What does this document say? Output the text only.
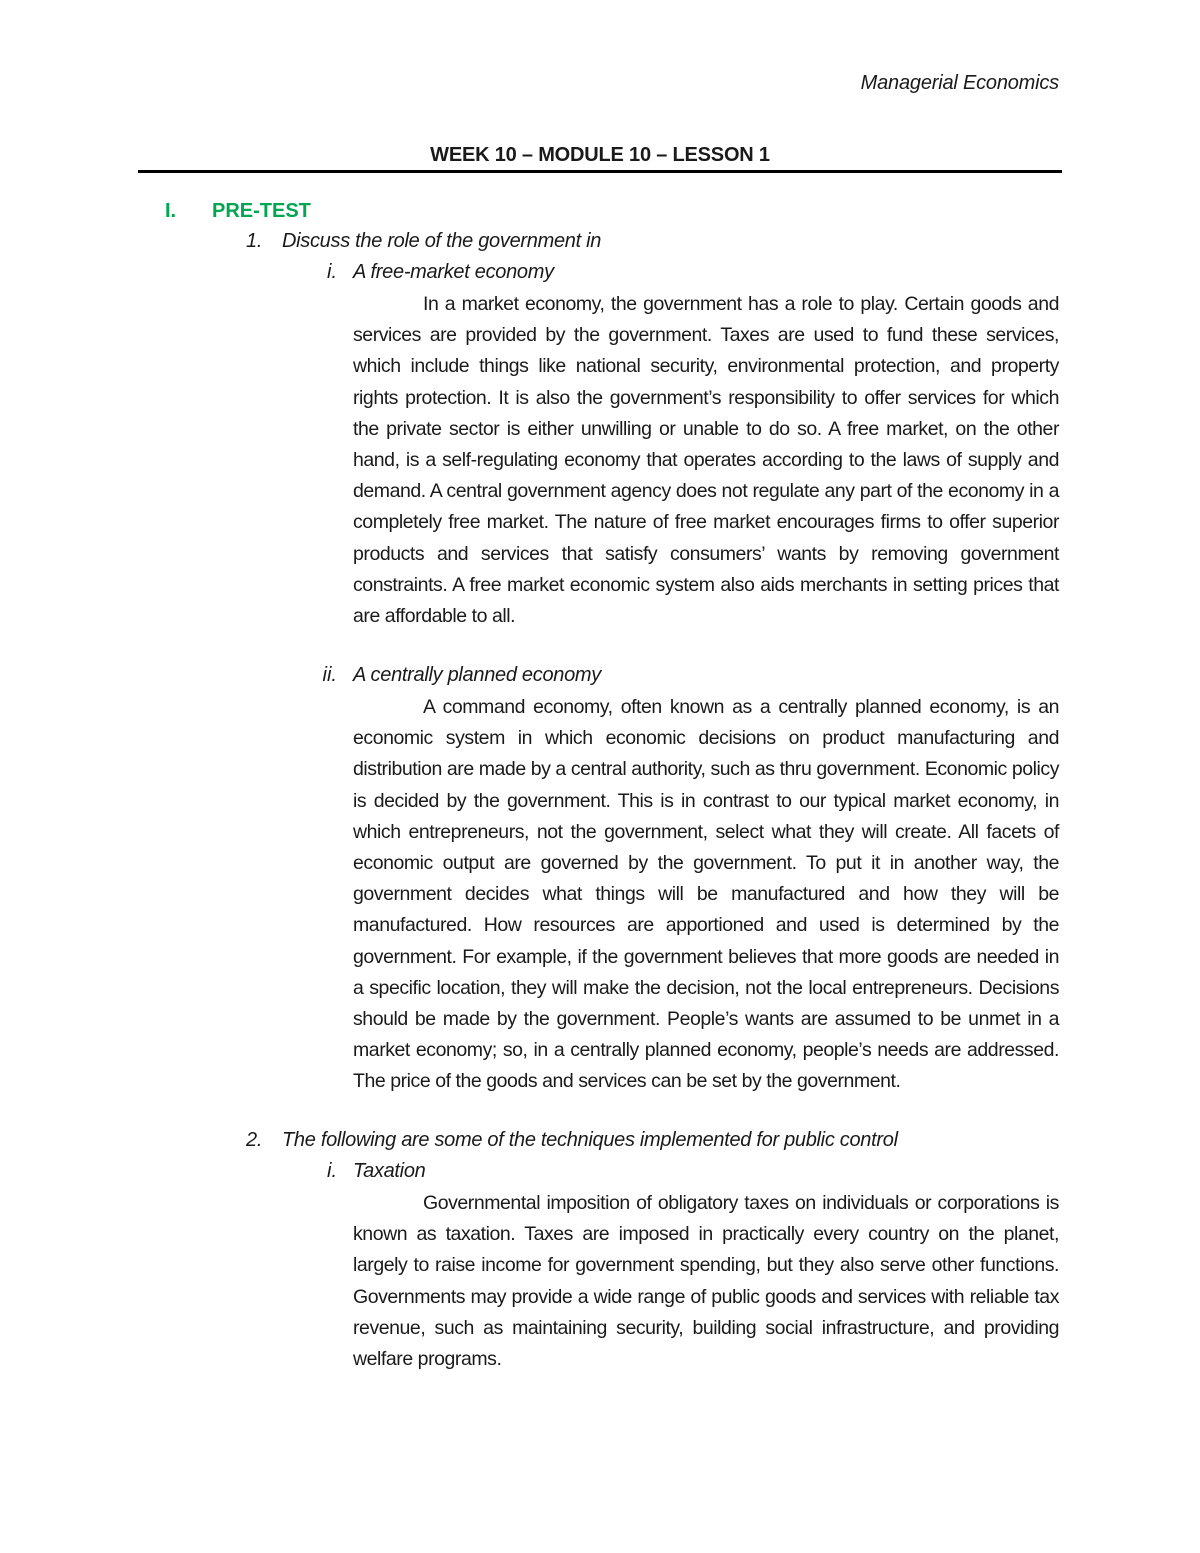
Managerial Economics
WEEK 10 – MODULE 10 – LESSON 1
I. PRE-TEST
1. Discuss the role of the government in
i. A free-market economy

In a market economy, the government has a role to play. Certain goods and services are provided by the government. Taxes are used to fund these services, which include things like national security, environmental protection, and property rights protection. It is also the government’s responsibility to offer services for which the private sector is either unwilling or unable to do so. A free market, on the other hand, is a self-regulating economy that operates according to the laws of supply and demand. A central government agency does not regulate any part of the economy in a completely free market. The nature of free market encourages firms to offer superior products and services that satisfy consumers’ wants by removing government constraints. A free market economic system also aids merchants in setting prices that are affordable to all.

ii. A centrally planned economy

A command economy, often known as a centrally planned economy, is an economic system in which economic decisions on product manufacturing and distribution are made by a central authority, such as thru government. Economic policy is decided by the government. This is in contrast to our typical market economy, in which entrepreneurs, not the government, select what they will create. All facets of economic output are governed by the government. To put it in another way, the government decides what things will be manufactured and how they will be manufactured. How resources are apportioned and used is determined by the government. For example, if the government believes that more goods are needed in a specific location, they will make the decision, not the local entrepreneurs. Decisions should be made by the government. People’s wants are assumed to be unmet in a market economy; so, in a centrally planned economy, people’s needs are addressed. The price of the goods and services can be set by the government.

2. The following are some of the techniques implemented for public control
i. Taxation

Governmental imposition of obligatory taxes on individuals or corporations is known as taxation. Taxes are imposed in practically every country on the planet, largely to raise income for government spending, but they also serve other functions. Governments may provide a wide range of public goods and services with reliable tax revenue, such as maintaining security, building social infrastructure, and providing welfare programs.
